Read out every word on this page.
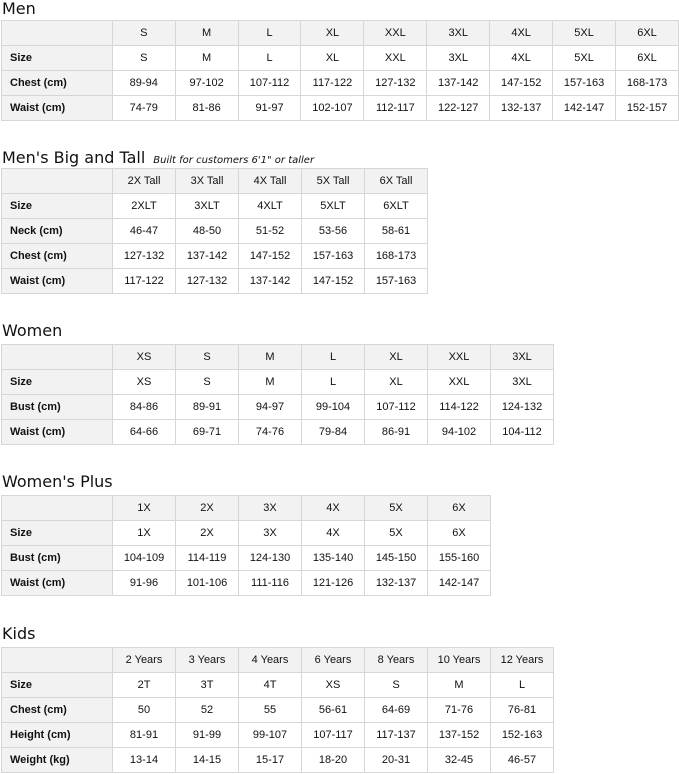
Men
	S	M	L	XL	XXL	3XL	4XL	5XL	6XL
Size	S	M	L	XL	XXL	3XL	4XL	5XL	6XL
Chest (cm)	89-94	97-102	107-112	117-122	127-132	137-142	147-152	157-163	168-173
Waist (cm)	74-79	81-86	91-97	102-107	112-117	122-127	132-137	142-147	152-157
Men's Big and Tall Built for customers 6'1" or taller
	2X Tall	3X Tall	4X Tall	5X Tall	6X Tall
Size	2XLT	3XLT	4XLT	5XLT	6XLT
Neck (cm)	46-47	48-50	51-52	53-56	58-61
Chest (cm)	127-132	137-142	147-152	157-163	168-173
Waist (cm)	117-122	127-132	137-142	147-152	157-163
Women
	XS	S	M	L	XL	XXL	3XL
Size	XS	S	M	L	XL	XXL	3XL
Bust (cm)	84-86	89-91	94-97	99-104	107-112	114-122	124-132
Waist (cm)	64-66	69-71	74-76	79-84	86-91	94-102	104-112
Women's Plus
	1X	2X	3X	4X	5X	6X
Size	1X	2X	3X	4X	5X	6X
Bust (cm)	104-109	114-119	124-130	135-140	145-150	155-160
Waist (cm)	91-96	101-106	111-116	121-126	132-137	142-147
Kids
	2 Years	3 Years	4 Years	6 Years	8 Years	10 Years	12 Years
Size	2T	3T	4T	XS	S	M	L
Chest (cm)	50	52	55	56-61	64-69	71-76	76-81
Height (cm)	81-91	91-99	99-107	107-117	117-137	137-152	152-163
Weight (kg)	13-14	14-15	15-17	18-20	20-31	32-45	46-57
